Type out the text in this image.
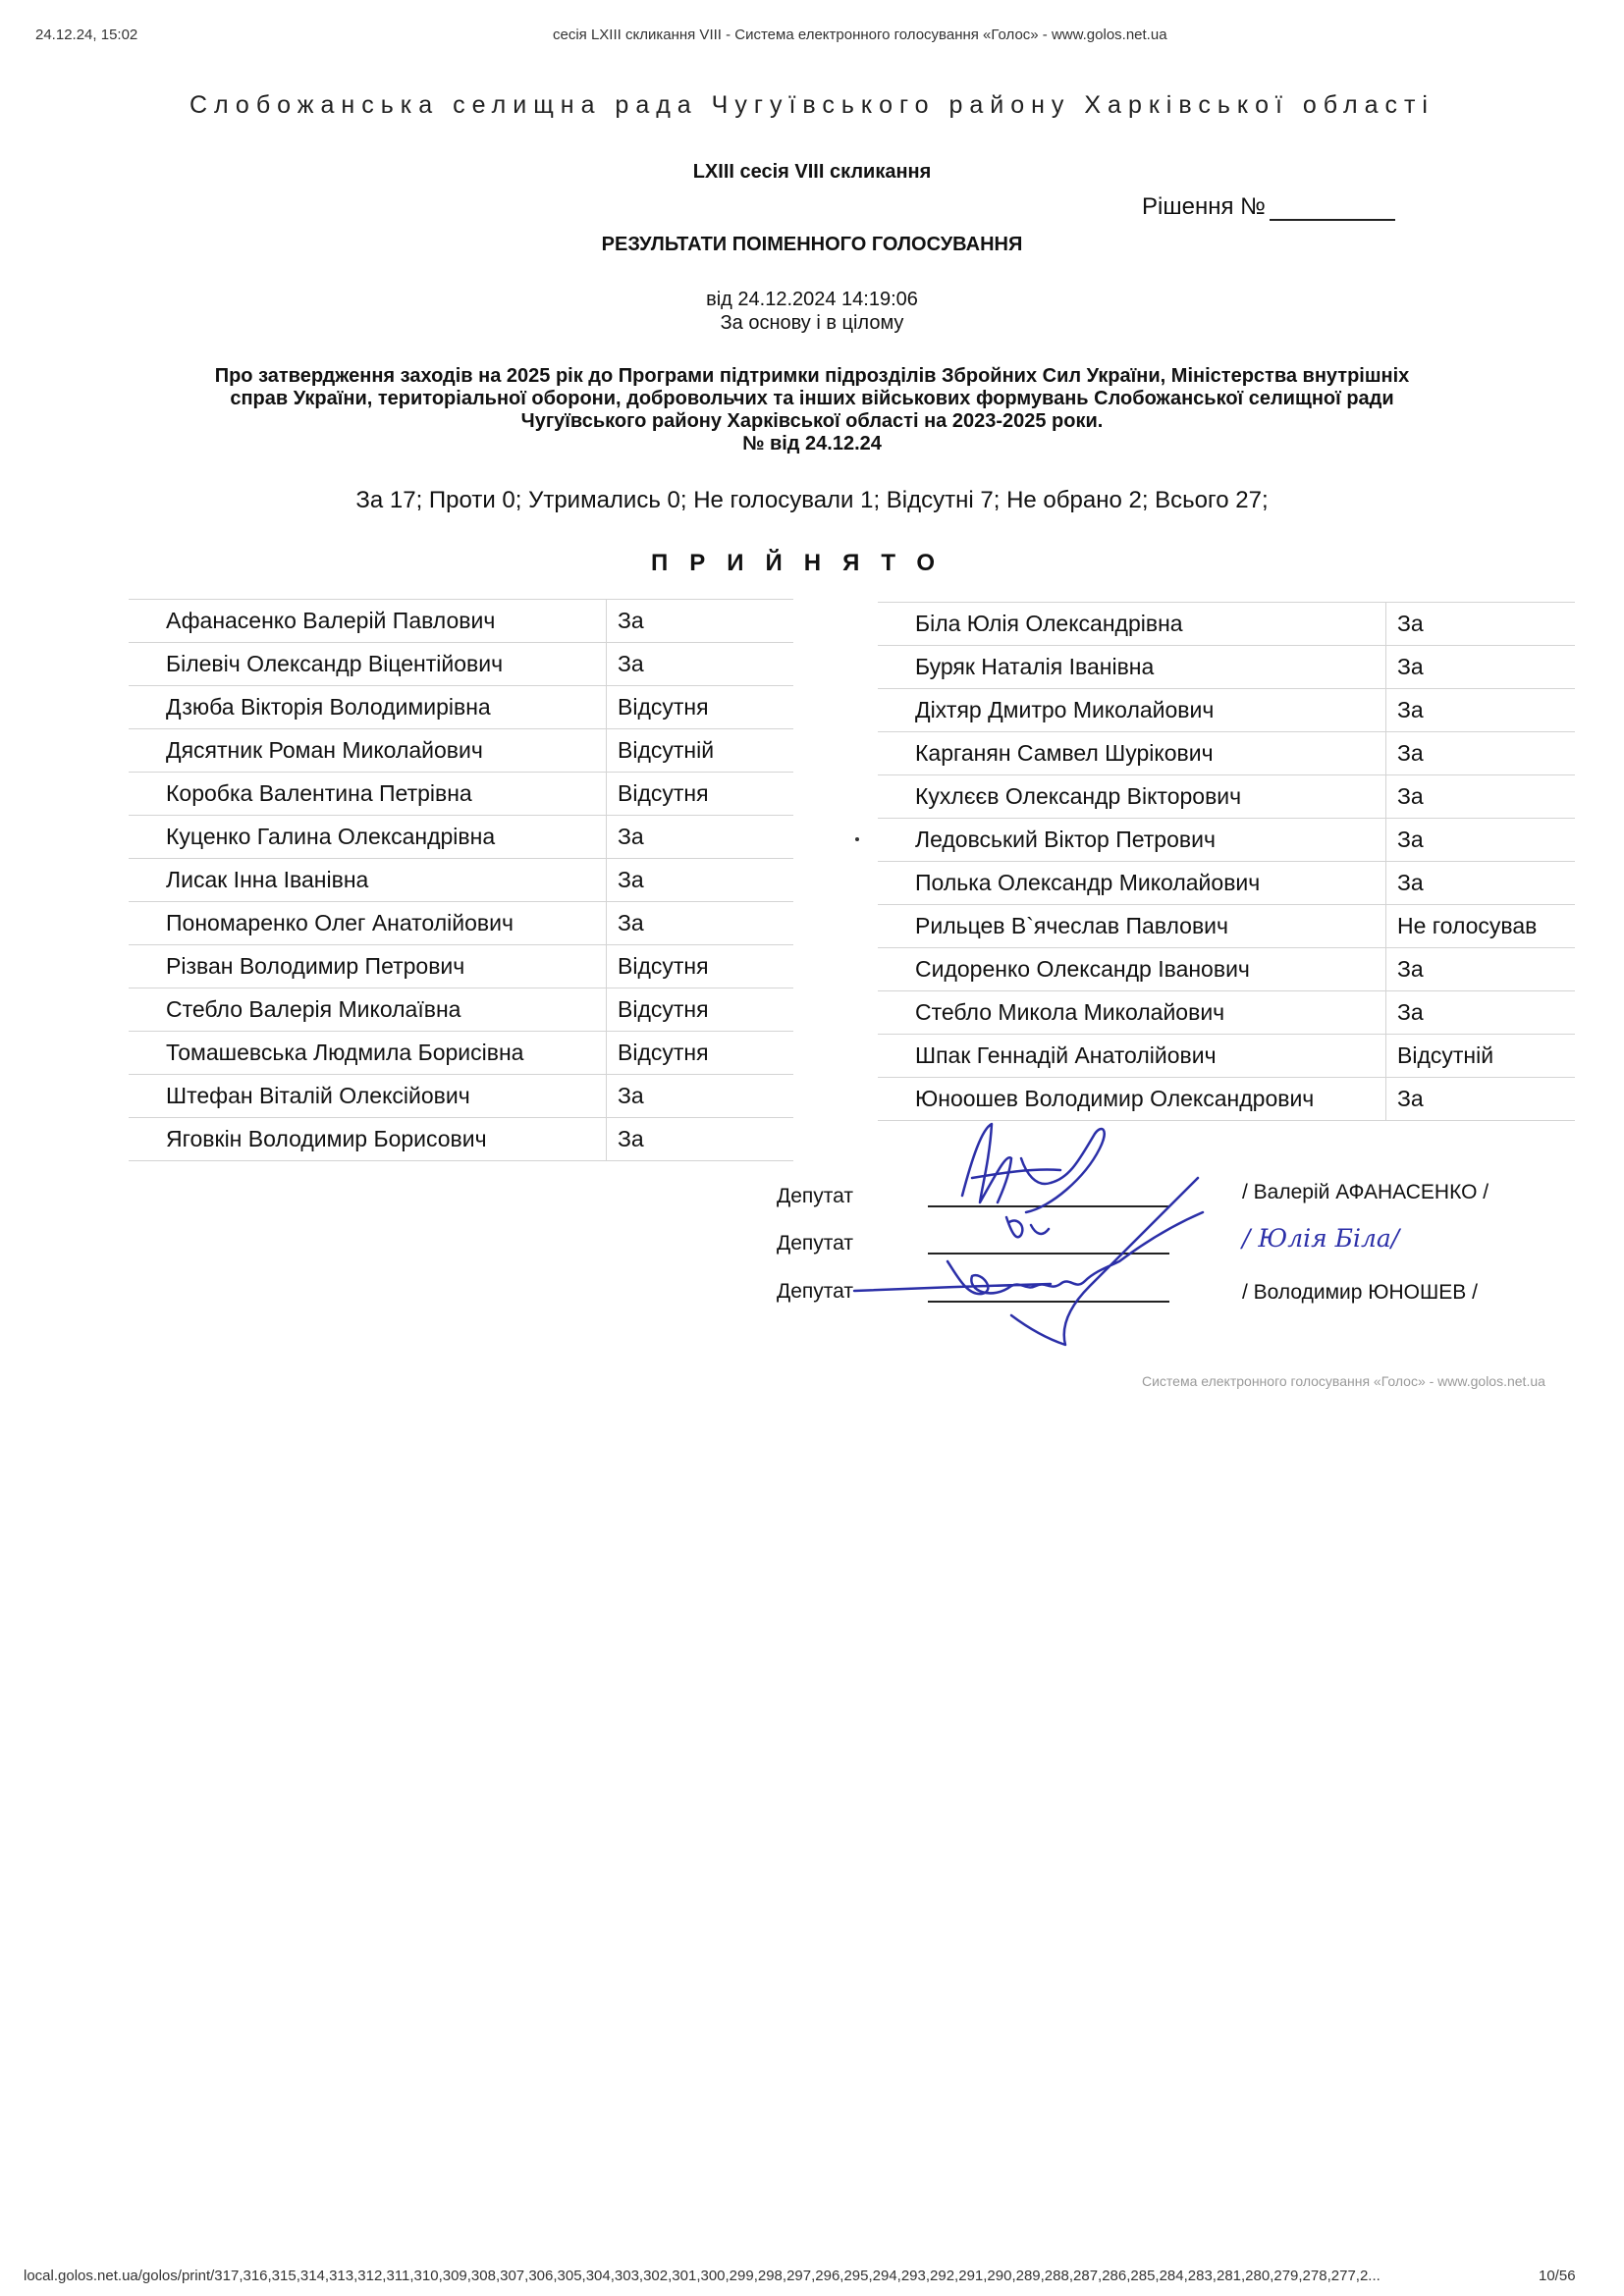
24.12.24, 15:02	сесія LXIII скликання VIII - Система електронного голосування «Голос» - www.golos.net.ua
Слобожанська селищна рада Чугуївського району Харківської області
LXIII сесія VIII скликання
Рішення №
РЕЗУЛЬТАТИ ПОІМЕННОГО ГОЛОСУВАННЯ
від 24.12.2024 14:19:06
За основу і в цілому
Про затвердження заходів на 2025 рік до Програми підтримки підрозділів Збройних Сил України, Міністерства внутрішніх
справ України, територіальної оборони, добровольчих та інших військових формувань Слобожанської селищної ради
Чугуївського району Харківської області на 2023-2025 роки.
№ від 24.12.24
За 17; Проти 0; Утримались 0; Не голосували 1; Відсутні 7; Не обрано 2; Всього 27;
ПРИЙНЯТО
Афанасенко Валерій Павлович	За
Білевіч Олександр Віцентійович	За
Дзюба Вікторія Володимирівна	Відсутня
Дясятник Роман Миколайович	Відсутній
Коробка Валентина Петрівна	Відсутня
Куценко Галина Олександрівна	За
Лисак Інна Іванівна	За
Пономаренко Олег Анатолійович	За
Різван Володимир Петрович	Відсутня
Стебло Валерія Миколаївна	Відсутня
Томашевська Людмила Борисівна	Відсутня
Штефан Віталій Олексійович	За
Яговкін Володимир Борисович	За
Біла Юлія Олександрівна	За
Буряк Наталія Іванівна	За
Діхтяр Дмитро Миколайович	За
Карганян Самвел Шурікович	За
Кухлєєв Олександр Вікторович	За
Ледовський Віктор Петрович	За
Полька Олександр Миколайович	За
Рильцев В`ячеслав Павлович	Не голосував
Сидоренко Олександр Іванович	За
Стебло Микола Миколайович	За
Шпак Геннадій Анатолійович	Відсутній
Юноошев Володимир Олександрович	За
Депутат
Депутат
Депутат
/ Валерій АФАНАСЕНКО /
/ Юлія Біла/
/ Володимир ЮНОШЕВ /
Система електронного голосування «Голос» - www.golos.net.ua
local.golos.net.ua/golos/print/317,316,315,314,313,312,311,310,309,308,307,306,305,304,303,302,301,300,299,298,297,296,295,294,293,292,291,290,289,288,287,286,285,284,283,281,280,279,278,277,2...	10/56
